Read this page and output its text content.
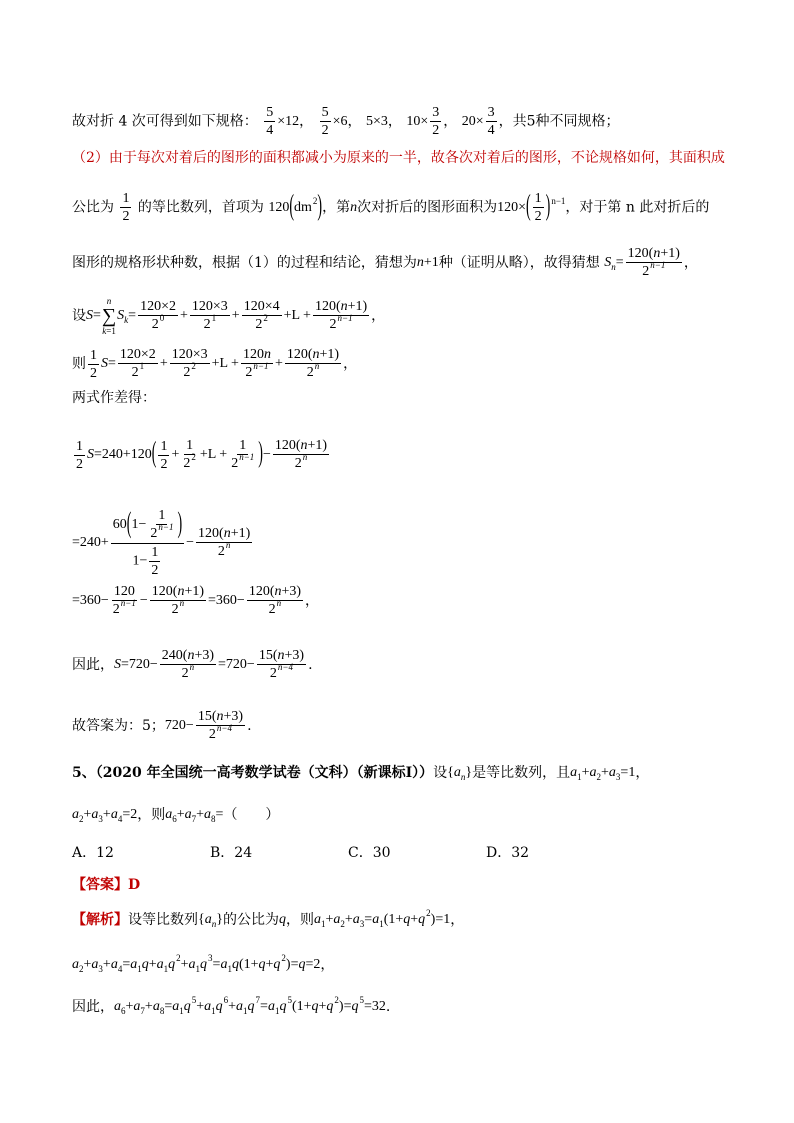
故对折 4 次可得到如下规格： $\frac{5}{4} \times 12$， $\frac{5}{2} \times 6$， 5×3， $10\times \frac{3}{2}$ ， $20\times \frac{3}{4}$ ，共5种不同规格；
（2）由于每次对着后的图形的面积都减小为原来的一半，故各次对着后的图形，不论规格如何，其面积成
公比为 $\frac{1}{2}$ 的等比数列，首项为 120 ( dm 2 ) ，第n次对折后的图形面积为120× ( $\frac{1}{2}$ ) n−1 ，对于第 n 此对折后的
图形的规格形状种数，根据（1）的过程和结论，猜想为 n +1种（证明从略），故得猜想 S $n = \frac{120(n+1)}{2^{n-1}}$ ，
设 S =
n
∑
k=1
S $k = \frac{120\times 2}{2^0} + \frac{120\times 3}{2^1} + \frac{120\times 4}{2^2} +L + \frac{120(n+1)}{2^{n-1}}$ ，
则 $\frac{1}{2}$ $S = \frac{120\times 2}{2^1} + \frac{120\times 3}{2^2} +L + \frac{120n}{2^{n-1}} + \frac{120(n+1)}{2^n}$ ，
两式作差得：
$\frac{1}{2}$ S =240+120 ( $\frac{1}{2} + \frac{1}{2^2} +L + \frac{1}{2^{n-1}}$ ) − $\frac{120(n+1)}{2^n}$
$=240+ \frac{60(1- \frac{1}{2^{n-1}} )}{1- \frac{1}{2}} - \frac{120(n+1)}{2^n}$
$=360- \frac{120}{2^{n-1}} - \frac{120(n+1)}{2^n} =360- \frac{120(n+3)}{2^n}$ ，
因此， $S =720- \frac{240(n+3)}{2^n} =720- \frac{15(n+3)}{2^{n-4}}$ .
故答案为：5；$720- \frac{15(n+3)}{2^{n-4}}$ .
5、（2020 年全国统一高考数学试卷（文科）（新课标Ⅰ））设{ a n }是等比数列，且 a 1 + a 2 + a 3 =1，
a 2 + a 3 + a 4 =2，则 a 6 + a 7 + a 8 =（　　）
A．12	B．24	C．30	D．32
【答案】D
【解析】设等比数列{ a n }的公比为q，则 a 1 + a 2 + a 3 = a 1 (1+ q + q 2 )=1，
a 2 + a 3 + a 4 = a 1 q + a 1 q 2 + a 1 q 3 = a 1 q (1+ q + q 2 )= q =2，
因此， a 6 + a 7 + a 8 = a 1 q 5 + a 1 q 6 + a 1 q 7 = a 1 q 5 (1+ q + q 2 )= q 5 =32.
